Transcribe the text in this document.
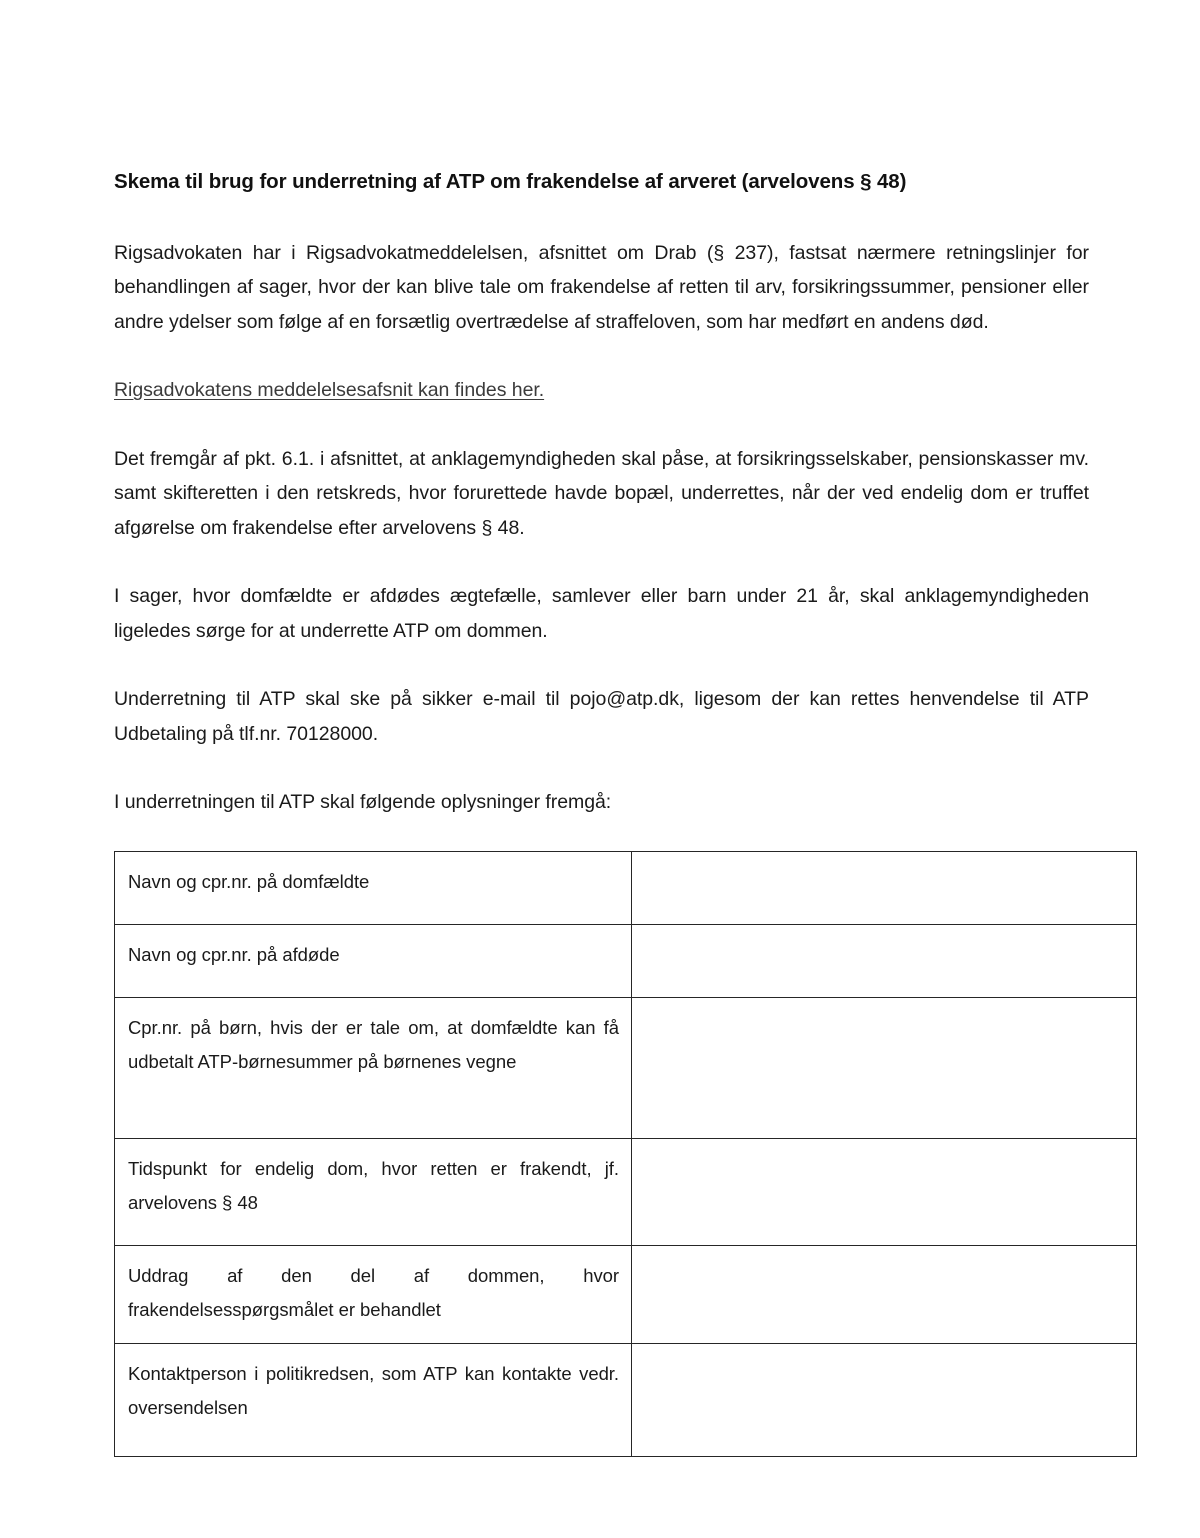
Skema til brug for underretning af ATP om frakendelse af arveret (arvelovens § 48)

Rigsadvokaten har i Rigsadvokatmeddelelsen, afsnittet om Drab (§ 237), fastsat nærmere retningslinjer for behandlingen af sager, hvor der kan blive tale om frakendelse af retten til arv, forsikringssummer, pensioner eller andre ydelser som følge af en forsætlig overtrædelse af straffeloven, som har medført en andens død.

Rigsadvokatens meddelelsesafsnit kan findes her.

Det fremgår af pkt. 6.1. i afsnittet, at anklagemyndigheden skal påse, at forsikringsselskaber, pensionskasser mv. samt skifteretten i den retskreds, hvor forurettede havde bopæl, underrettes, når der ved endelig dom er truffet afgørelse om frakendelse efter arvelovens § 48.

I sager, hvor domfældte er afdødes ægtefælle, samlever eller barn under 21 år, skal anklagemyndigheden ligeledes sørge for at underrette ATP om dommen.

Underretning til ATP skal ske på sikker e-mail til pojo@atp.dk, ligesom der kan rettes henvendelse til ATP Udbetaling på tlf.nr. 70128000.

I underretningen til ATP skal følgende oplysninger fremgå:

Navn og cpr.nr. på domfældte	

Navn og cpr.nr. på afdøde	

Cpr.nr. på børn, hvis der er tale om, at domfældte kan få udbetalt ATP-børnesummer på børnenes vegne	

Tidspunkt for endelig dom, hvor retten er frakendt, jf. arvelovens § 48	

Uddrag af den del af dommen, hvor frakendelsesspørgsmålet er behandlet	

Kontaktperson i politikredsen, som ATP kan kontakte vedr. oversendelsen	
